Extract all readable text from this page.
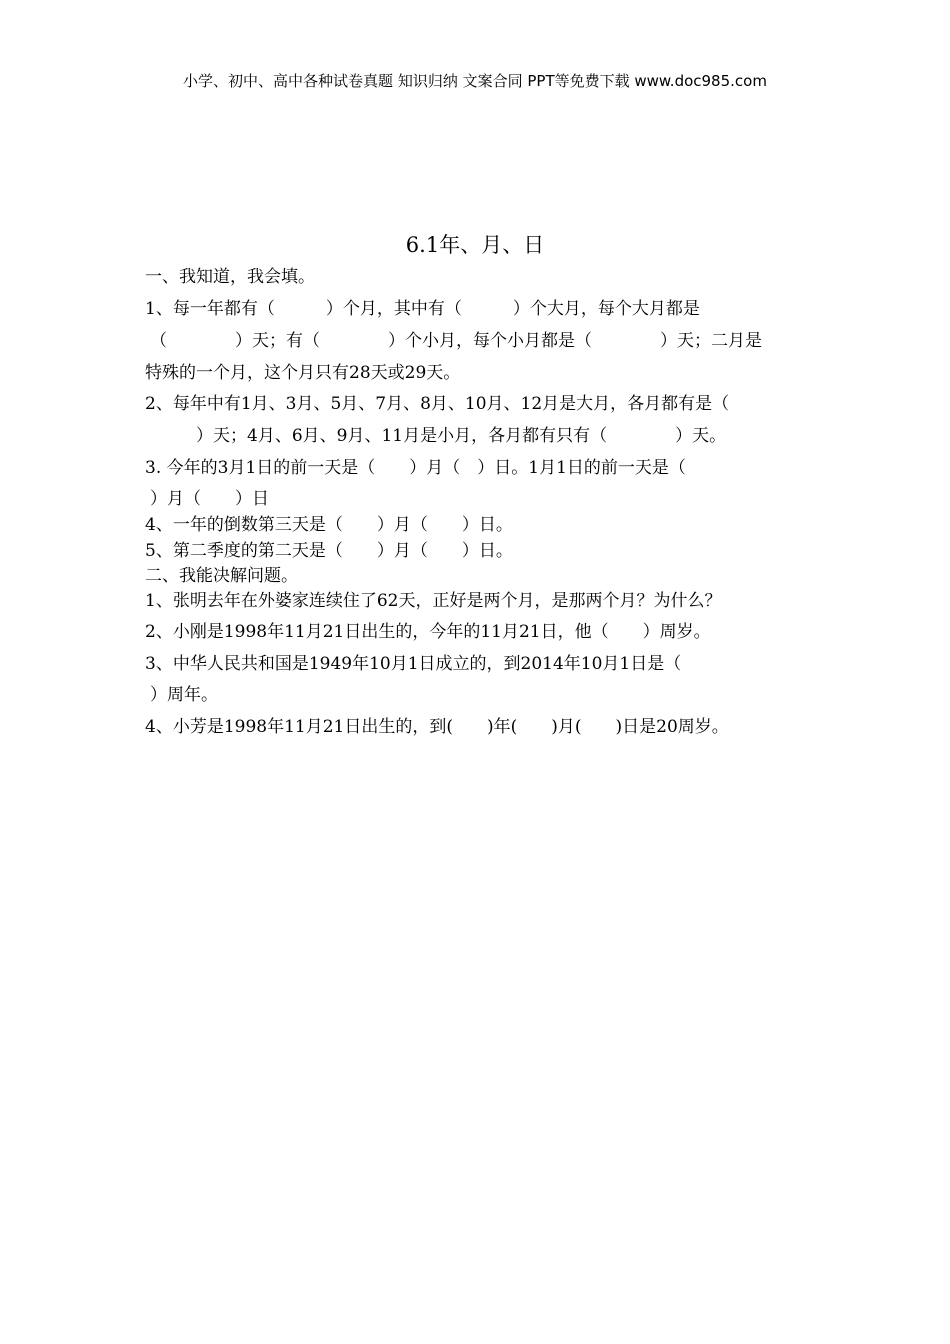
小学、初中、高中各种试卷真题 知识归纳 文案合同 PPT等免费下载 www.doc985.com
6.1年、月、日
一、我知道，我会填。
1、每一年都有（　　　）个月，其中有（　　　）个大月，每个大月都是
（　　　　）天；有（　　　　）个小月，每个小月都是（　　　　）天；二月是
特殊的一个月，这个月只有28天或29天。
2、每年中有1月、3月、5月、7月、8月、10月、12月是大月，各月都有是（
　　　）天；4月、6月、9月、11月是小月，各月都有只有（　　　　）天。
3. 今年的3月1日的前一天是（　　）月（　）日。1月1日的前一天是（
）月（　　）日
4、一年的倒数第三天是（　　）月（　　）日。
5、第二季度的第二天是（　　）月（　　）日。
二、我能决解问题。
1、张明去年在外婆家连续住了62天，正好是两个月，是那两个月？为什么？
2、小刚是1998年11月21日出生的，今年的11月21日，他（　　）周岁。
3、中华人民共和国是1949年10月1日成立的，到2014年10月1日是（
）周年。
4、小芳是1998年11月21日出生的，到(　　)年(　　)月(　　)日是20周岁。
